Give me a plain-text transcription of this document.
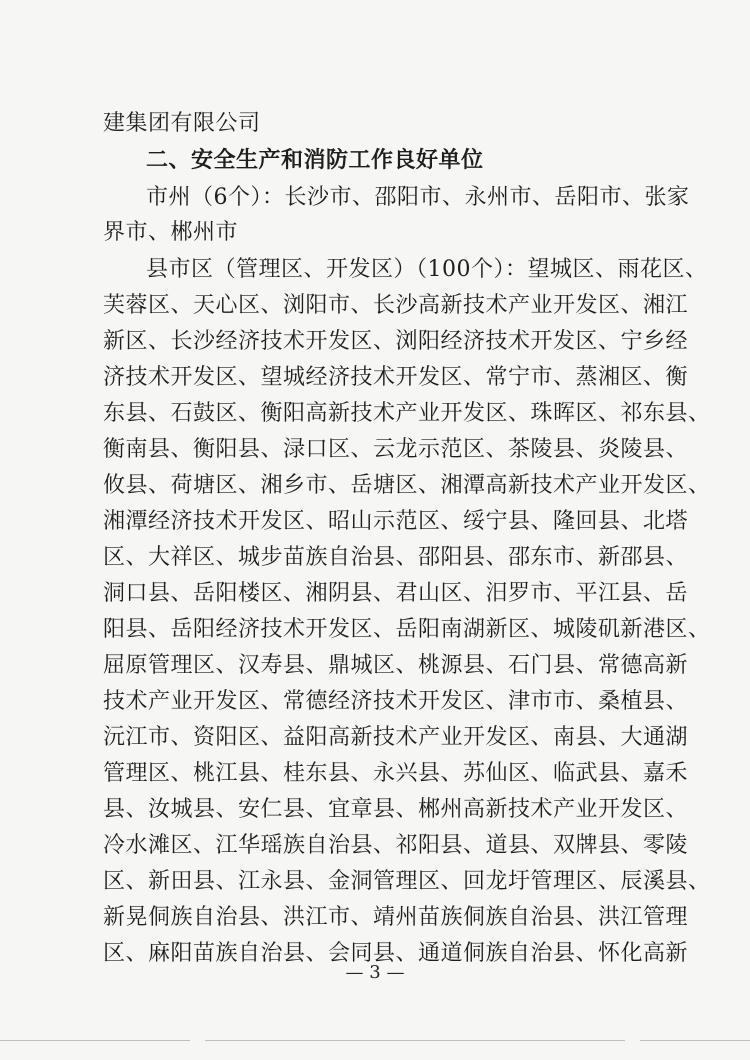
建集团有限公司
二、安全生产和消防工作良好单位
市州（6个）：长沙市、邵阳市、永州市、岳阳市、张家
界市、郴州市
县市区（管理区、开发区）（100个）：望城区、雨花区、
芙蓉区、天心区、浏阳市、长沙高新技术产业开发区、湘江
新区、长沙经济技术开发区、浏阳经济技术开发区、宁乡经
济技术开发区、望城经济技术开发区、常宁市、蒸湘区、衡
东县、石鼓区、衡阳高新技术产业开发区、珠晖区、祁东县、
衡南县、衡阳县、渌口区、云龙示范区、茶陵县、炎陵县、
攸县、荷塘区、湘乡市、岳塘区、湘潭高新技术产业开发区、
湘潭经济技术开发区、昭山示范区、绥宁县、隆回县、北塔
区、大祥区、城步苗族自治县、邵阳县、邵东市、新邵县、
洞口县、岳阳楼区、湘阴县、君山区、汨罗市、平江县、岳
阳县、岳阳经济技术开发区、岳阳南湖新区、城陵矶新港区、
屈原管理区、汉寿县、鼎城区、桃源县、石门县、常德高新
技术产业开发区、常德经济技术开发区、津市市、桑植县、
沅江市、资阳区、益阳高新技术产业开发区、南县、大通湖
管理区、桃江县、桂东县、永兴县、苏仙区、临武县、嘉禾
县、汝城县、安仁县、宜章县、郴州高新技术产业开发区、
冷水滩区、江华瑶族自治县、祁阳县、道县、双牌县、零陵
区、新田县、江永县、金洞管理区、回龙圩管理区、辰溪县、
新晃侗族自治县、洪江市、靖州苗族侗族自治县、洪江管理
区、麻阳苗族自治县、会同县、通道侗族自治县、怀化高新
— 3 —
